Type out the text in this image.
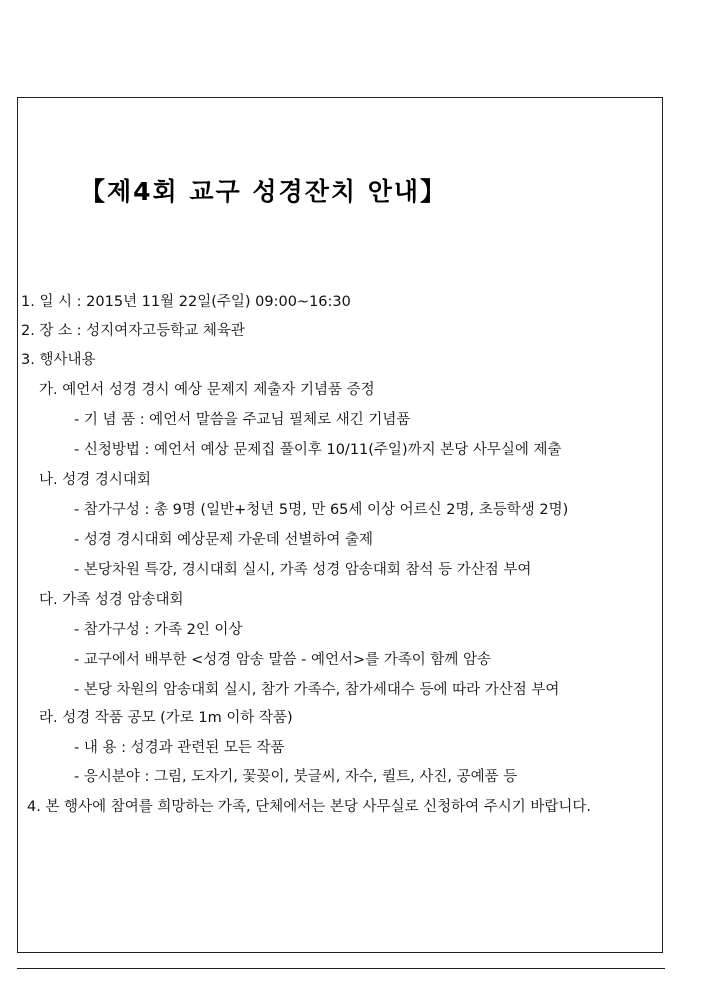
【제4회 교구 성경잔치 안내】
1. 일 시 : 2015년 11월 22일(주일) 09:00~16:30
2. 장 소 : 성지여자고등학교 체육관
3. 행사내용
가. 예언서 성경 경시 예상 문제지 제출자 기념품 증정
- 기 념 품 : 예언서 말씀을 주교님 필체로 새긴 기념품
- 신청방법 : 예언서 예상 문제집 풀이후 10/11(주일)까지 본당 사무실에 제출
나. 성경 경시대회
- 참가구성 : 총 9명 (일반+청년 5명, 만 65세 이상 어르신 2명, 초등학생 2명)
- 성경 경시대회 예상문제 가운데 선별하여 출제
- 본당차원 특강, 경시대회 실시, 가족 성경 암송대회 참석 등 가산점 부여
다. 가족 성경 암송대회
- 참가구성 : 가족 2인 이상
- 교구에서 배부한 <성경 암송 말씀 - 예언서>를 가족이 함께 암송
- 본당 차원의 암송대회 실시, 참가 가족수, 참가세대수 등에 따라 가산점 부여
라. 성경 작품 공모 (가로 1m 이하 작품)
- 내 용 : 성경과 관련된 모든 작품
- 응시분야 : 그림, 도자기, 꽃꽂이, 붓글씨, 자수, 퀼트, 사진, 공예품 등
4. 본 행사에 참여를 희망하는 가족, 단체에서는 본당 사무실로 신청하여 주시기 바랍니다.
